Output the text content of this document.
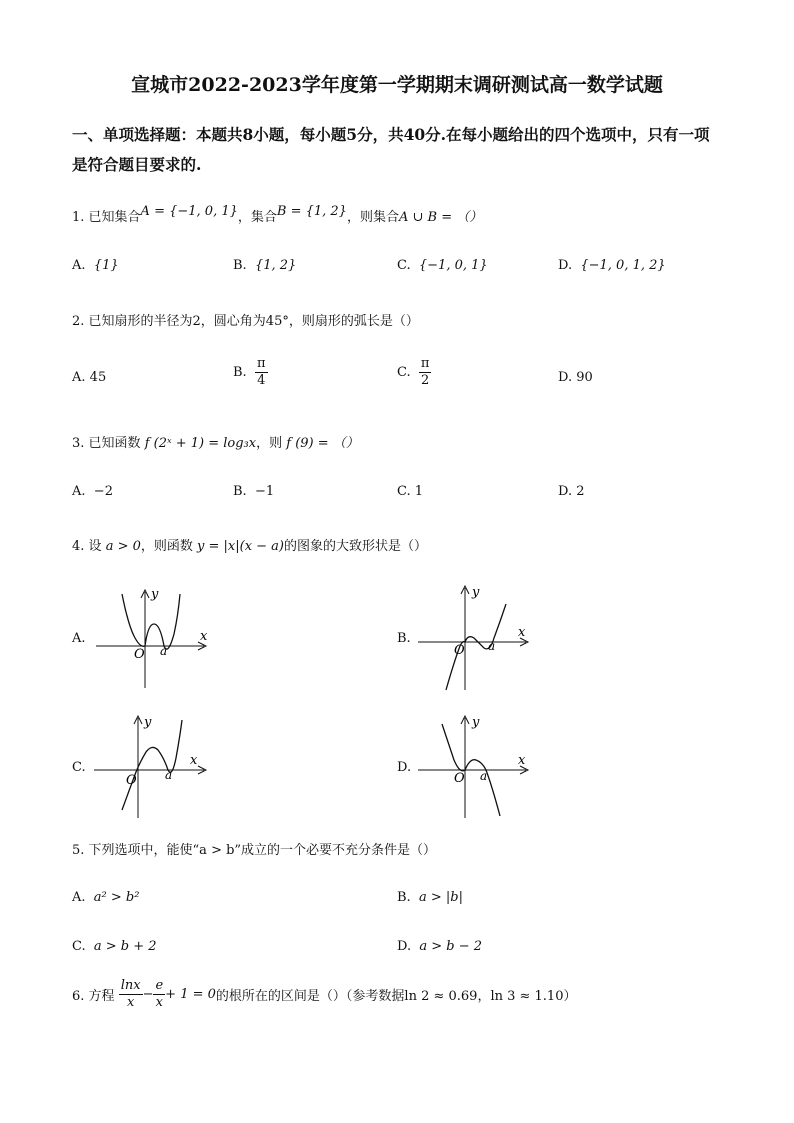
宣城市2022-2023学年度第一学期期末调研测试高一数学试题
一、单项选择题：本题共8小题，每小题5分，共40分.在每小题给出的四个选项中，只有一项是符合题目要求的.
1. 已知集合A = {−1, 0, 1}，集合B = {1, 2}，则集合A ∪ B = （）
A. {1}	B. {1, 2}	C. {−1, 0, 1}	D. {−1, 0, 1, 2}
2. 已知扇形的半径为2，圆心角为45°，则扇形的弧长是（）
A. 45	B. $\frac{\pi}{4}$	C. $\frac{\pi}{2}$	D. 90
3. 已知函数 f (2ˣ + 1) = log₃x，则 f (9) = （）
A. −2	B. −1	C. 1	D. 2
4. 设 a > 0，则函数 y = |x|(x − a)的图象的大致形状是（）
A.	x
y
O a
B.	x
y
O a
C.	x
y
O a	D.	x
y
O a
5. 下列选项中，能使“a > b”成立的一个必要不充分条件是（）
A. a² > b²	B. a > |b|
C. a > b + 2	D. a > b − 2
6. 方程 $\frac{\ln x}{x} - \frac{e}{x} + 1 = 0$的根所在的区间是（）（参考数据ln 2 ≈ 0.69，ln 3 ≈ 1.10）
